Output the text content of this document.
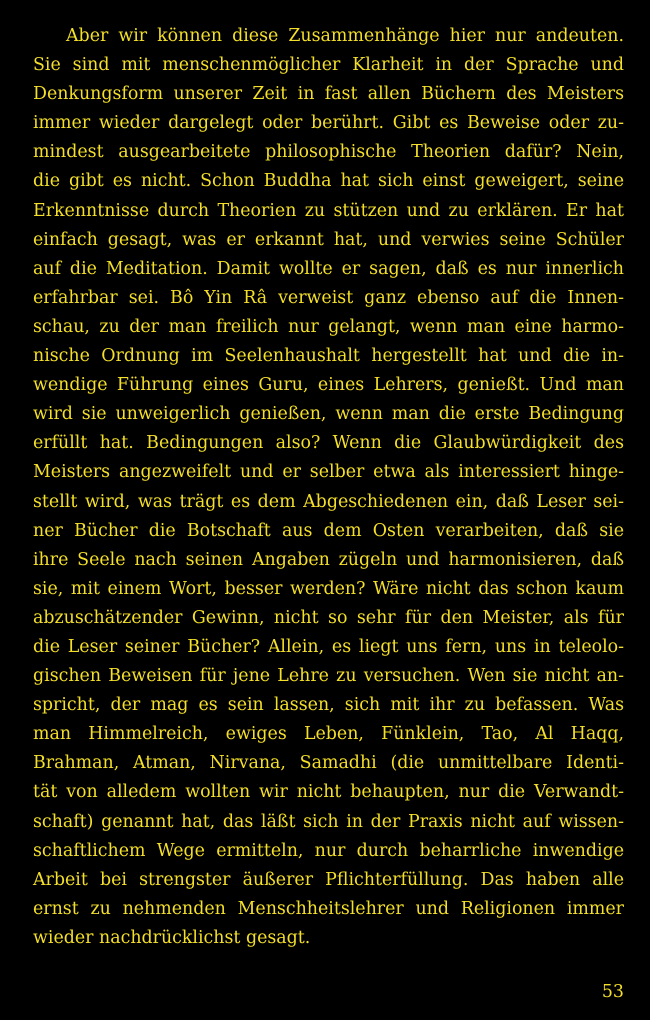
Aber wir können diese Zusammenhänge hier nur andeuten.
Sie sind mit menschenmöglicher Klarheit in der Sprache und
Denkungsform unserer Zeit in fast allen Büchern des Meisters
immer wieder dargelegt oder berührt. Gibt es Beweise oder zu-
mindest ausgearbeitete philosophische Theorien dafür? Nein,
die gibt es nicht. Schon Buddha hat sich einst geweigert, seine
Erkenntnisse durch Theorien zu stützen und zu erklären. Er hat
einfach gesagt, was er erkannt hat, und verwies seine Schüler
auf die Meditation. Damit wollte er sagen, daß es nur innerlich
erfahrbar sei. Bô Yin Râ verweist ganz ebenso auf die Innen-
schau, zu der man freilich nur gelangt, wenn man eine harmo-
nische Ordnung im Seelenhaushalt hergestellt hat und die in-
wendige Führung eines Guru, eines Lehrers, genießt. Und man
wird sie unweigerlich genießen, wenn man die erste Bedingung
erfüllt hat. Bedingungen also? Wenn die Glaubwürdigkeit des
Meisters angezweifelt und er selber etwa als interessiert hinge-
stellt wird, was trägt es dem Abgeschiedenen ein, daß Leser sei-
ner Bücher die Botschaft aus dem Osten verarbeiten, daß sie
ihre Seele nach seinen Angaben zügeln und harmonisieren, daß
sie, mit einem Wort, besser werden? Wäre nicht das schon kaum
abzuschätzender Gewinn, nicht so sehr für den Meister, als für
die Leser seiner Bücher? Allein, es liegt uns fern, uns in teleolo-
gischen Beweisen für jene Lehre zu versuchen. Wen sie nicht an-
spricht, der mag es sein lassen, sich mit ihr zu befassen. Was
man Himmelreich, ewiges Leben, Fünklein, Tao, Al Haqq,
Brahman, Atman, Nirvana, Samadhi (die unmittelbare Identi-
tät von alledem wollten wir nicht behaupten, nur die Verwandt-
schaft) genannt hat, das läßt sich in der Praxis nicht auf wissen-
schaftlichem Wege ermitteln, nur durch beharrliche inwendige
Arbeit bei strengster äußerer Pflichterfüllung. Das haben alle
ernst zu nehmenden Menschheitslehrer und Religionen immer
wieder nachdrücklichst gesagt.
53
